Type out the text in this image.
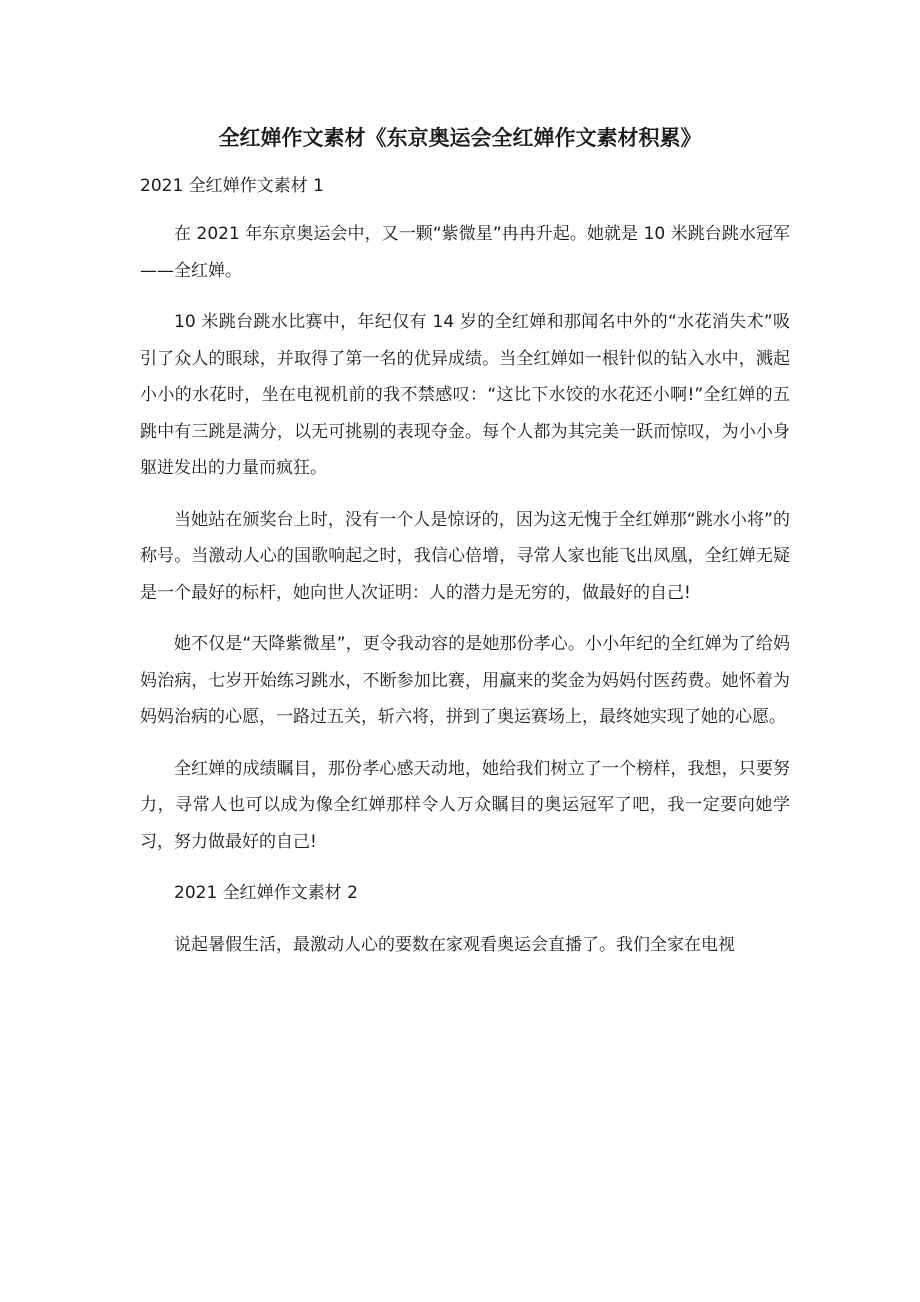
全红婵作文素材《东京奥运会全红婵作文素材积累》

2021 全红婵作文素材 1

在 2021 年东京奥运会中，又一颗“紫微星”冉冉升起。她就是 10 米跳台跳水冠军——全红婵。

10 米跳台跳水比赛中，年纪仅有 14 岁的全红婵和那闻名中外的“水花消失术”吸引了众人的眼球，并取得了第一名的优异成绩。当全红婵如一根针似的钻入水中，溅起小小的水花时，坐在电视机前的我不禁感叹：“这比下水饺的水花还小啊!”全红婵的五跳中有三跳是满分，以无可挑剔的表现夺金。每个人都为其完美一跃而惊叹，为小小身躯迸发出的力量而疯狂。

当她站在颁奖台上时，没有一个人是惊讶的，因为这无愧于全红婵那“跳水小将”的称号。当激动人心的国歌响起之时，我信心倍增，寻常人家也能飞出凤凰，全红婵无疑是一个最好的标杆，她向世人次证明：人的潜力是无穷的，做最好的自己!

她不仅是“天降紫微星”，更令我动容的是她那份孝心。小小年纪的全红婵为了给妈妈治病，七岁开始练习跳水，不断参加比赛，用赢来的奖金为妈妈付医药费。她怀着为妈妈治病的心愿，一路过五关，斩六将，拼到了奥运赛场上，最终她实现了她的心愿。

全红婵的成绩瞩目，那份孝心感天动地，她给我们树立了一个榜样，我想，只要努力，寻常人也可以成为像全红婵那样令人万众瞩目的奥运冠军了吧，我一定要向她学习，努力做最好的自己!

2021 全红婵作文素材 2

说起暑假生活，最激动人心的要数在家观看奥运会直播了。我们全家在电视
